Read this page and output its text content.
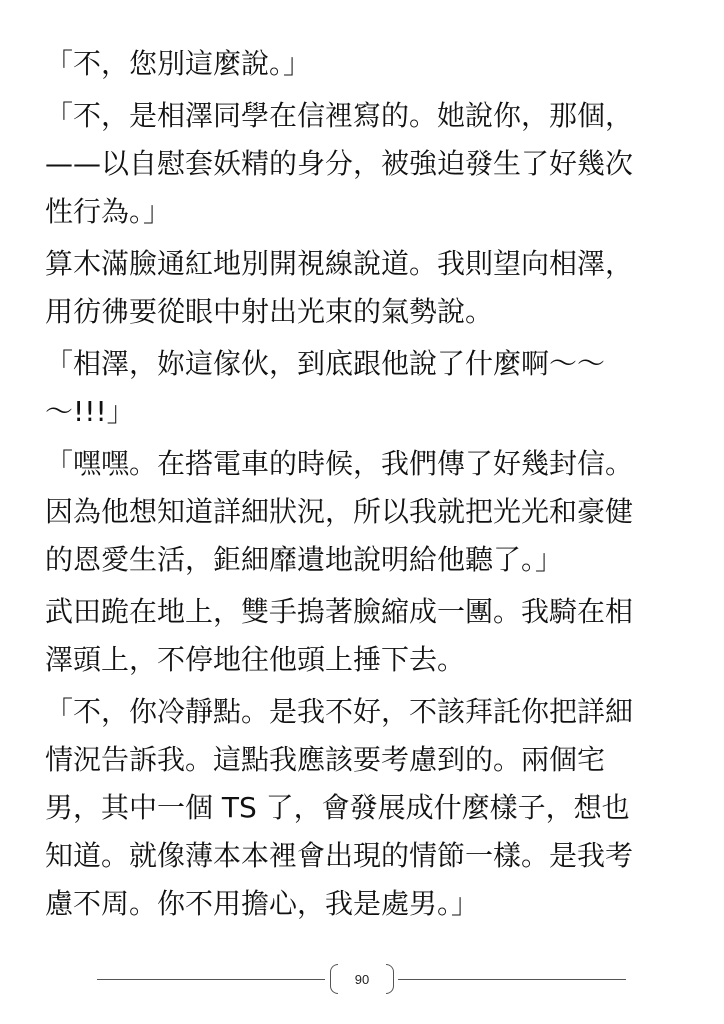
「不，您別這麼說。」
「不，是相澤同學在信裡寫的。她說你，那個，
——以自慰套妖精的身分，被強迫發生了好幾次
性行為。」
算木滿臉通紅地別開視線說道。我則望向相澤，
用彷彿要從眼中射出光束的氣勢說。
「相澤，妳這傢伙，到底跟他說了什麼啊～～
～!!!」
「嘿嘿。在搭電車的時候，我們傳了好幾封信。
因為他想知道詳細狀況，所以我就把光光和豪健
的恩愛生活，鉅細靡遺地說明給他聽了。」
武田跪在地上，雙手摀著臉縮成一團。我騎在相
澤頭上，不停地往他頭上捶下去。
「不，你冷靜點。是我不好，不該拜託你把詳細
情況告訴我。這點我應該要考慮到的。兩個宅
男，其中一個 TS 了，會發展成什麼樣子，想也
知道。就像薄本本裡會出現的情節一樣。是我考
慮不周。你不用擔心，我是處男。」
90
